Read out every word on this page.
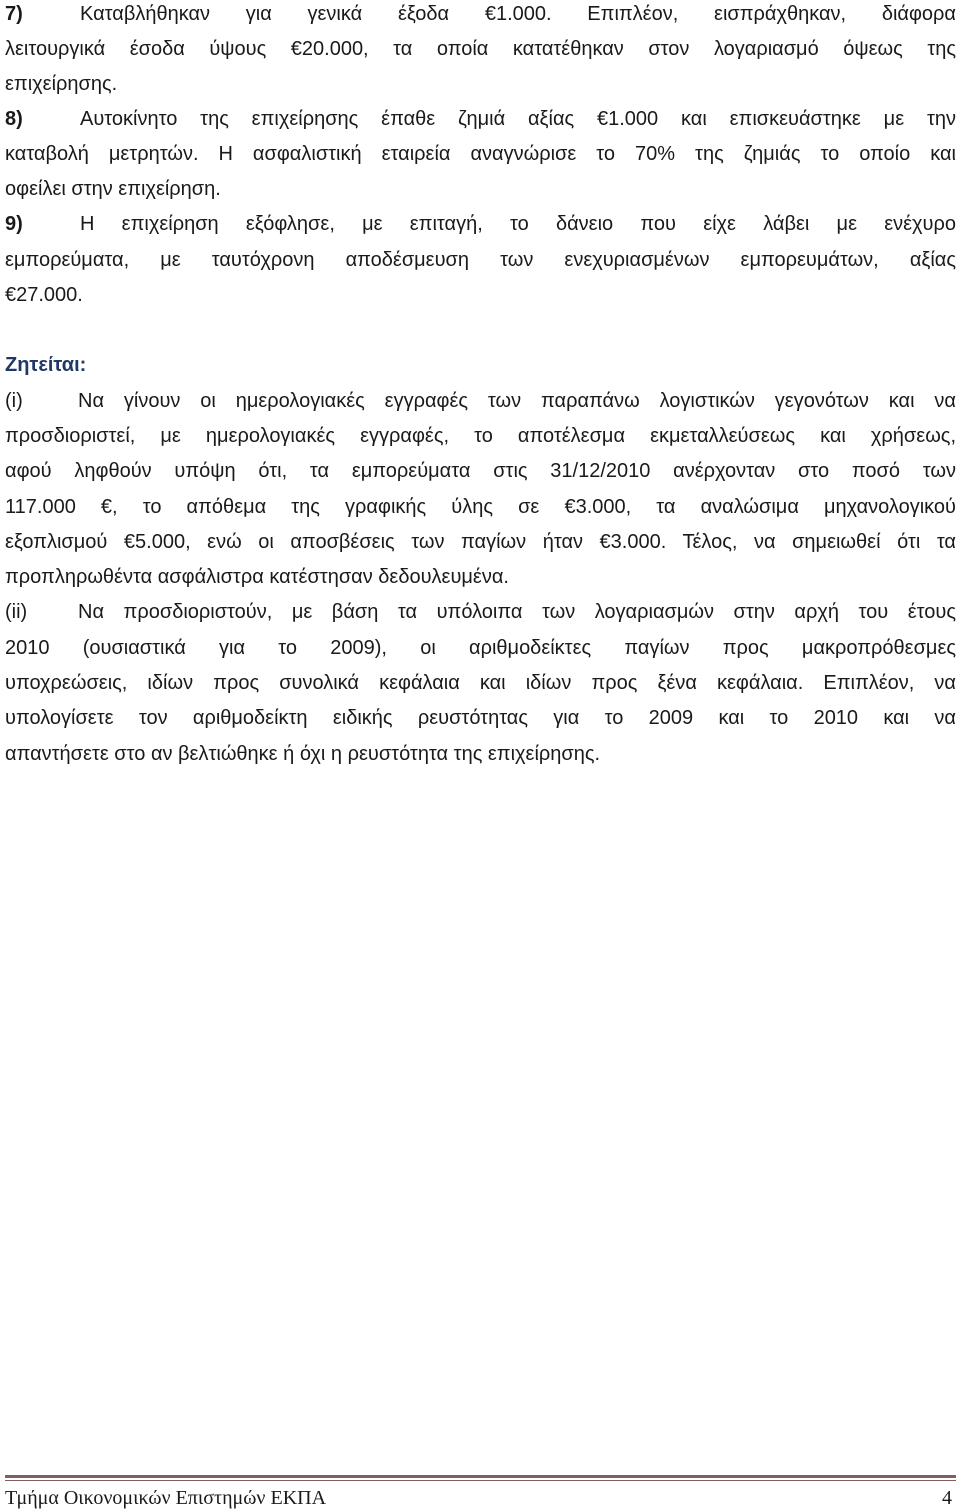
7)	Καταβλήθηκαν για γενικά έξοδα €1.000. Επιπλέον, εισπράχθηκαν, διάφορα
λειτουργικά έσοδα ύψους €20.000, τα οποία κατατέθηκαν στον λογαριασμό όψεως της
επιχείρησης.
8)	Αυτοκίνητο της επιχείρησης έπαθε ζημιά αξίας €1.000 και επισκευάστηκε με την
καταβολή μετρητών. Η ασφαλιστική εταιρεία αναγνώρισε το 70% της ζημιάς το οποίο και
οφείλει στην επιχείρηση.
9)	Η επιχείρηση εξόφλησε, με επιταγή, το δάνειο που είχε λάβει με ενέχυρο
εμπορεύματα, με ταυτόχρονη αποδέσμευση των ενεχυριασμένων εμπορευμάτων, αξίας
€27.000.
Ζητείται:
(i)	Να γίνουν οι ημερολογιακές εγγραφές των παραπάνω λογιστικών γεγονότων και να
προσδιοριστεί, με ημερολογιακές εγγραφές, το αποτέλεσμα εκμεταλλεύσεως και χρήσεως,
αφού ληφθούν υπόψη ότι, τα εμπορεύματα στις 31/12/2010 ανέρχονταν στο ποσό των
117.000 €, το απόθεμα της γραφικής ύλης σε €3.000, τα αναλώσιμα μηχανολογικού
εξοπλισμού €5.000, ενώ οι αποσβέσεις των παγίων ήταν €3.000. Τέλος, να σημειωθεί ότι τα
προπληρωθέντα ασφάλιστρα κατέστησαν δεδουλευμένα.
(ii)	Να προσδιοριστούν, με βάση τα υπόλοιπα των λογαριασμών στην αρχή του έτους
2010 (ουσιαστικά για το 2009), οι αριθμοδείκτες παγίων προς μακροπρόθεσμες
υποχρεώσεις, ιδίων προς συνολικά κεφάλαια και ιδίων προς ξένα κεφάλαια. Επιπλέον, να
υπολογίσετε τον αριθμοδείκτη ειδικής ρευστότητας για το 2009 και το 2010 και να
απαντήσετε στο αν βελτιώθηκε ή όχι η ρευστότητα της επιχείρησης.
Τμήμα Οικονομικών Επιστημών ΕΚΠΑ	4
